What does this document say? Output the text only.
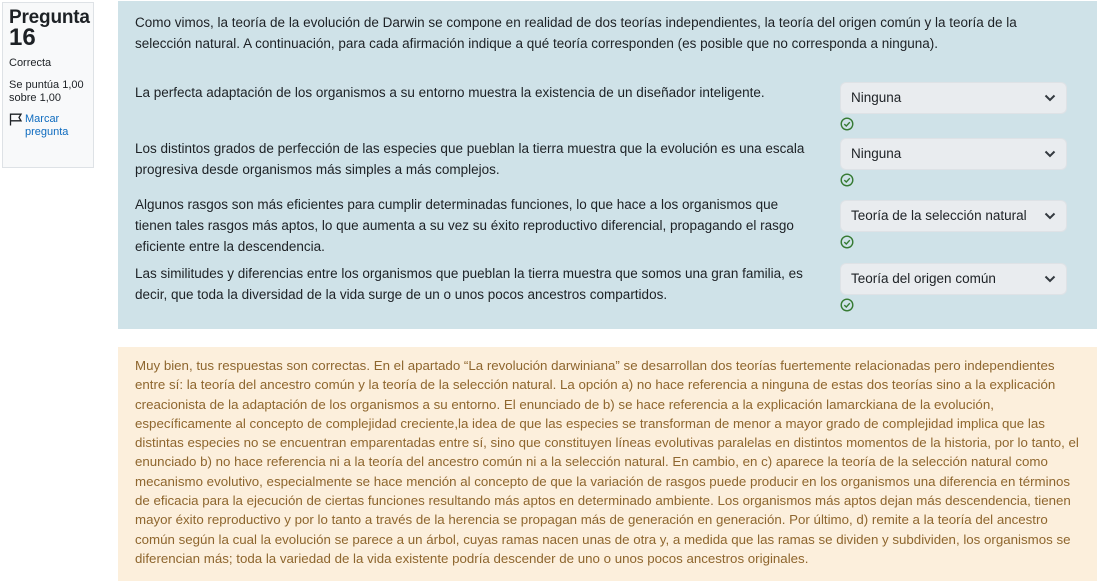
Pregunta
16
Correcta
Se puntúa 1,00 sobre 1,00
Marcar pregunta
Como vimos, la teoría de la evolución de Darwin se compone en realidad de dos teorías independientes, la teoría del origen común y la teoría de la selección natural. A continuación, para cada afirmación indique a qué teoría corresponden (es posible que no corresponda a ninguna).
La perfecta adaptación de los organismos a su entorno muestra la existencia de un diseñador inteligente.	Ninguna
Los distintos grados de perfección de las especies que pueblan la tierra muestra que la evolución es una escala progresiva desde organismos más simples a más complejos.
Ninguna
Algunos rasgos son más eficientes para cumplir determinadas funciones, lo que hace a los organismos que tienen tales rasgos más aptos, lo que aumenta a su vez su éxito reproductivo diferencial, propagando el rasgo eficiente entre la descendencia.
Teoría de la selección natural
Las similitudes y diferencias entre los organismos que pueblan la tierra muestra que somos una gran familia, es decir, que toda la diversidad de la vida surge de un o unos pocos ancestros compartidos.
Teoría del origen común

Muy bien, tus respuestas son correctas. En el apartado “La revolución darwiniana” se desarrollan dos teorías fuertemente relacionadas pero independientes entre sí: la teoría del ancestro común y la teoría de la selección natural. La opción a) no hace referencia a ninguna de estas dos teorías sino a la explicación creacionista de la adaptación de los organismos a su entorno. El enunciado de b) se hace referencia a la explicación lamarckiana de la evolución, específicamente al concepto de complejidad creciente,la idea de que las especies se transforman de menor a mayor grado de complejidad implica que las distintas especies no se encuentran emparentadas entre sí, sino que constituyen líneas evolutivas paralelas en distintos momentos de la historia, por lo tanto, el enunciado b) no hace referencia ni a la teoría del ancestro común ni a la selección natural. En cambio, en c) aparece la teoría de la selección natural como mecanismo evolutivo, especialmente se hace mención al concepto de que la variación de rasgos puede producir en los organismos una diferencia en términos de eficacia para la ejecución de ciertas funciones resultando más aptos en determinado ambiente. Los organismos más aptos dejan más descendencia, tienen mayor éxito reproductivo y por lo tanto a través de la herencia se propagan más de generación en generación. Por último, d) remite a la teoría del ancestro común según la cual la evolución se parece a un árbol, cuyas ramas nacen unas de otra y, a medida que las ramas se dividen y subdividen, los organismos se diferencian más; toda la variedad de la vida existente podría descender de uno o unos pocos ancestros originales.
